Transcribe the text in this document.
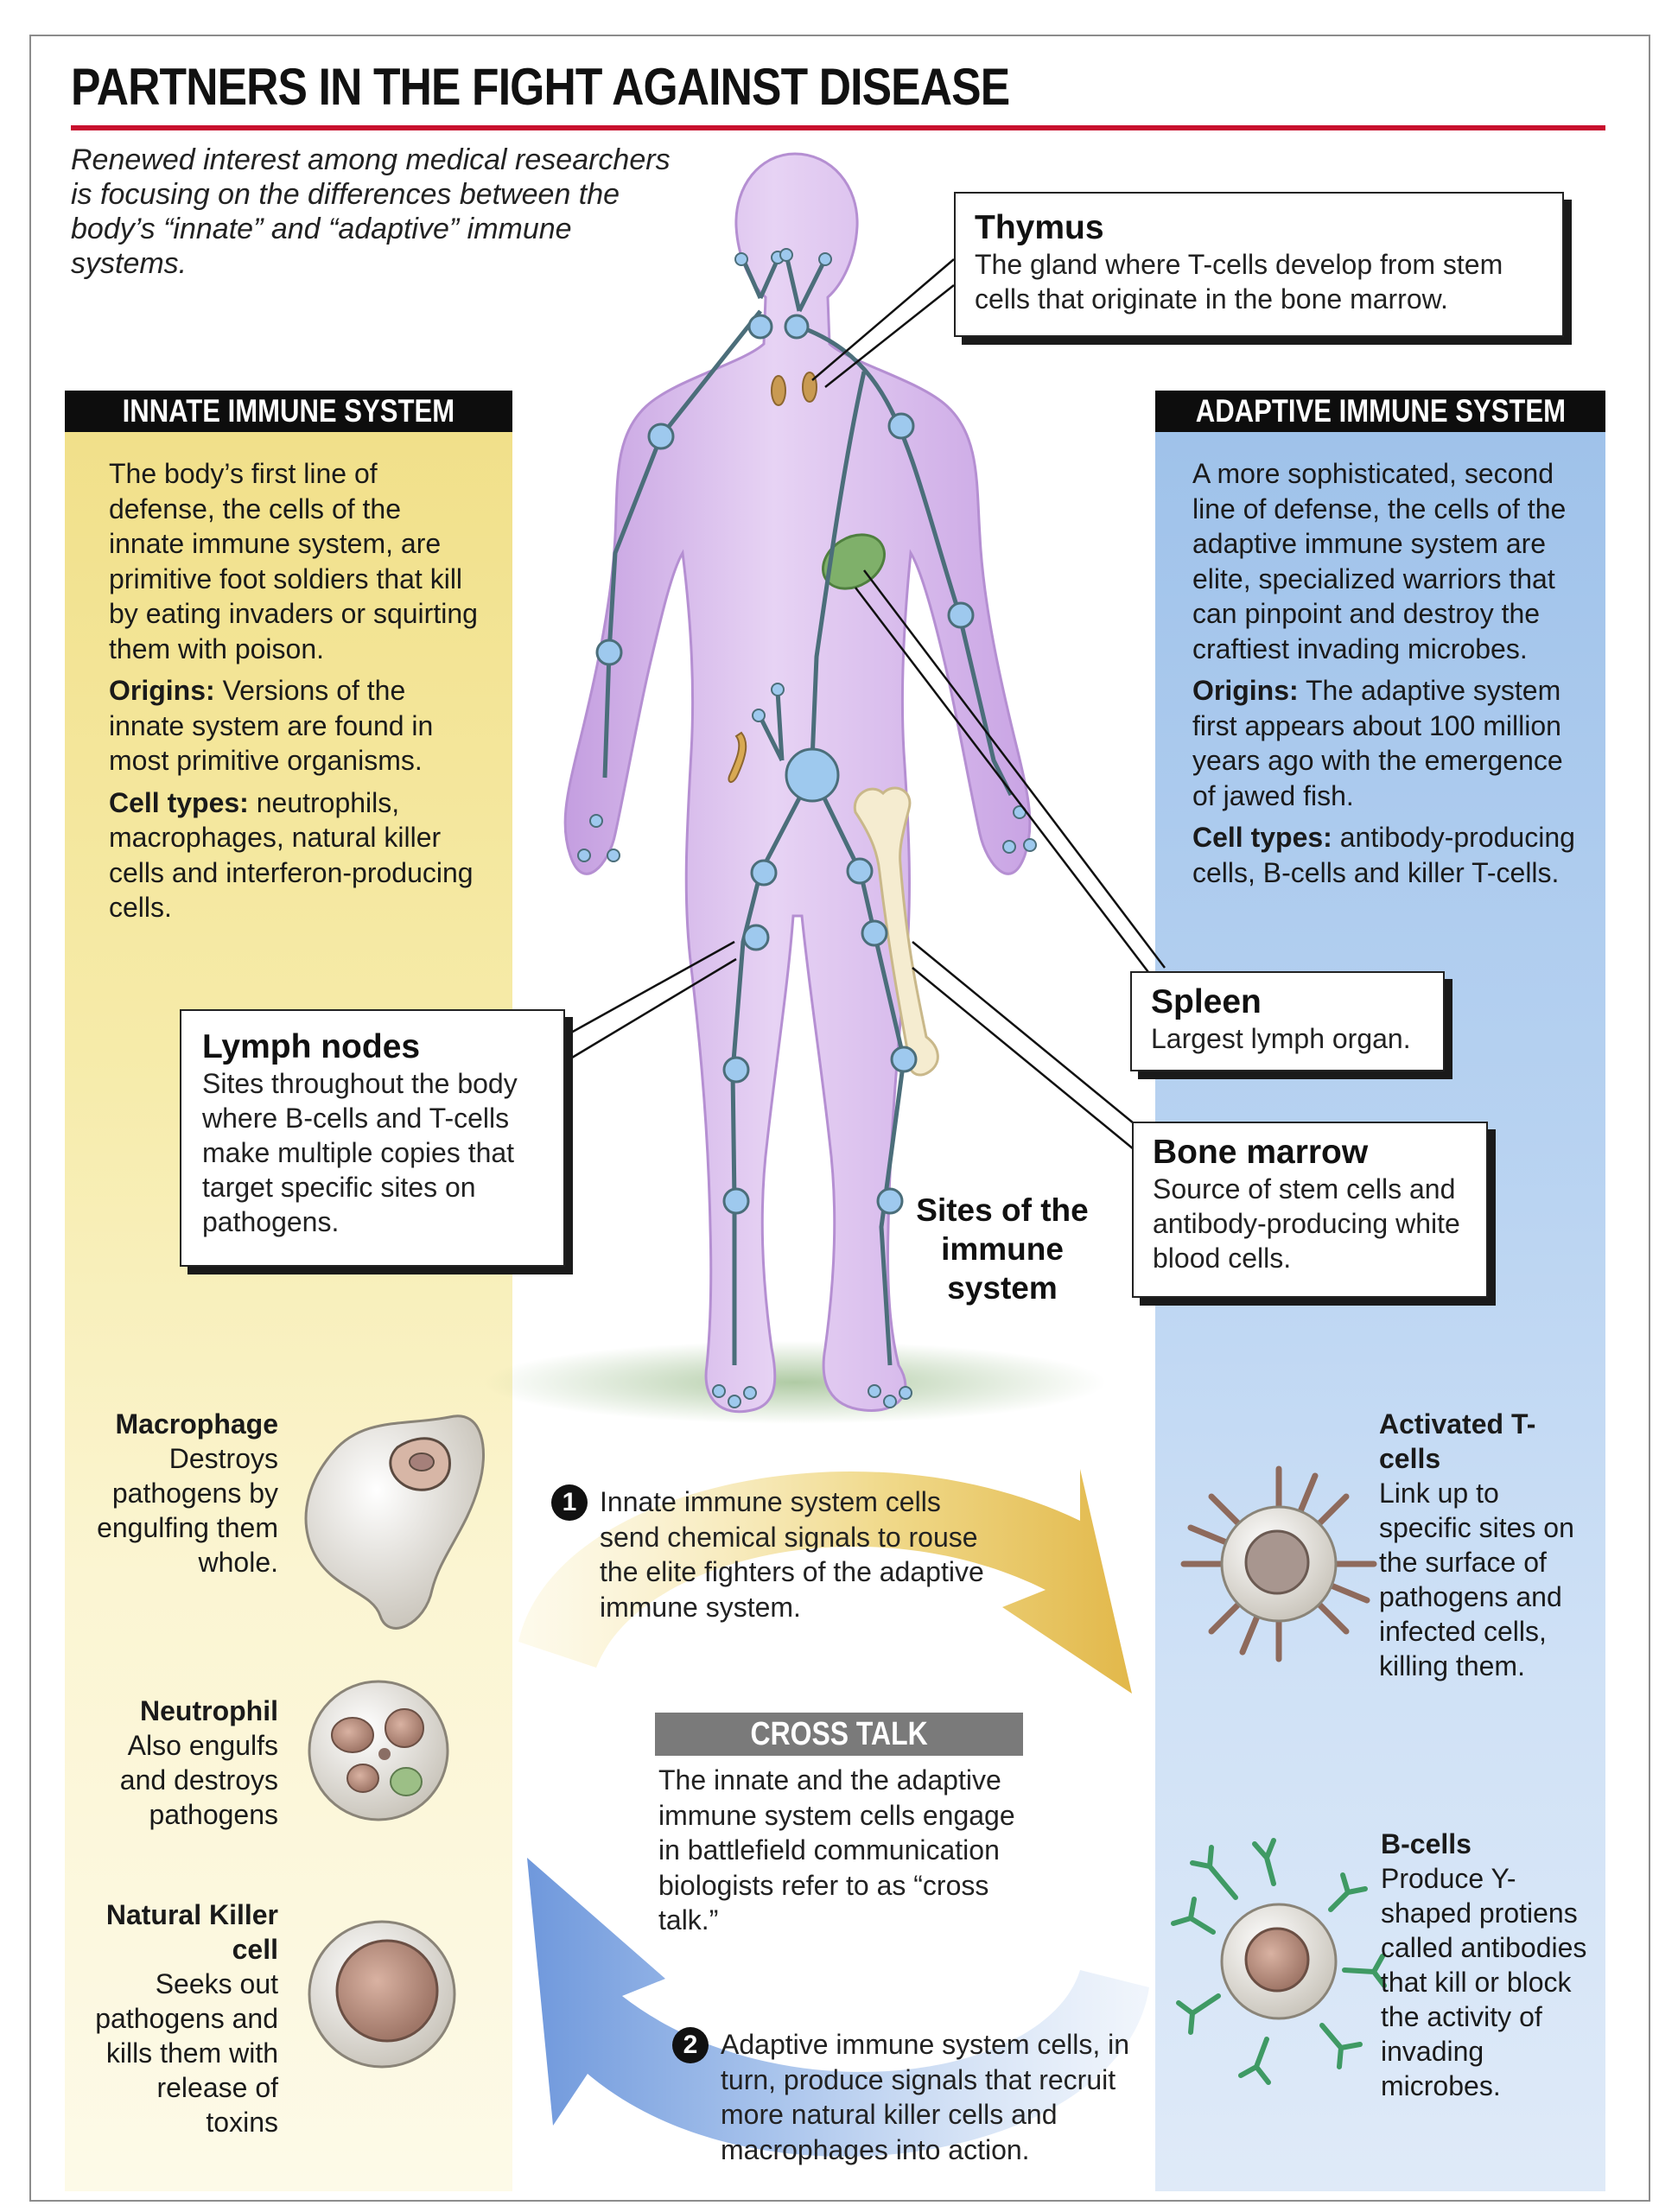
PARTNERS IN THE FIGHT AGAINST DISEASE
Renewed interest among medical researchers is focusing on the differences between the body’s “innate” and “adaptive” immune systems.
INNATE IMMUNE SYSTEM

The body’s first line of defense, the cells of the innate immune system, are primitive foot soldiers that kill by eating invaders or squirting them with poison.

Origins: Versions of the innate system are found in most primitive organisms.

Cell types: neutrophils, macrophages, natural killer cells and interferon-producing cells.

ADAPTIVE IMMUNE SYSTEM

A more sophisticated, second line of defense, the cells of the adaptive immune system are elite, specialized warriors that can pinpoint and destroy the craftiest invading microbes.

Origins: The adaptive system first appears about 100 million years ago with the emergence of jawed fish.

Cell types: antibody-producing cells, B-cells and killer T-cells.

Thymus
The gland where T-cells develop from stem cells that originate in the bone marrow.
Spleen
Largest lymph organ.
Bone marrow
Source of stem cells and antibody-producing white blood cells.
Lymph nodes
Sites throughout the body where B-cells and T-cells make multiple copies that target specific sites on pathogens.	Sites of the immune system
Macrophage
Destroys pathogens by engulfing them whole.
Neutrophil
Also engulfs and destroys pathogens
Natural Killer cell
Seeks out pathogens and kills them with release of toxins
Activated T-cells
Link up to specific sites on the surface of pathogens and infected cells, killing them.
B-cells
Produce Y-shaped protiens called antibodies that kill or block the activity of invading microbes.
1 Innate immune system cells send chemical signals to rouse the elite fighters of the adaptive immune system.
CROSS TALK
The innate and the adaptive immune system cells engage in battlefield communication biologists refer to as “cross talk.”
2 Adaptive immune system cells, in turn, produce signals that recruit more natural killer cells and macrophages into action.
